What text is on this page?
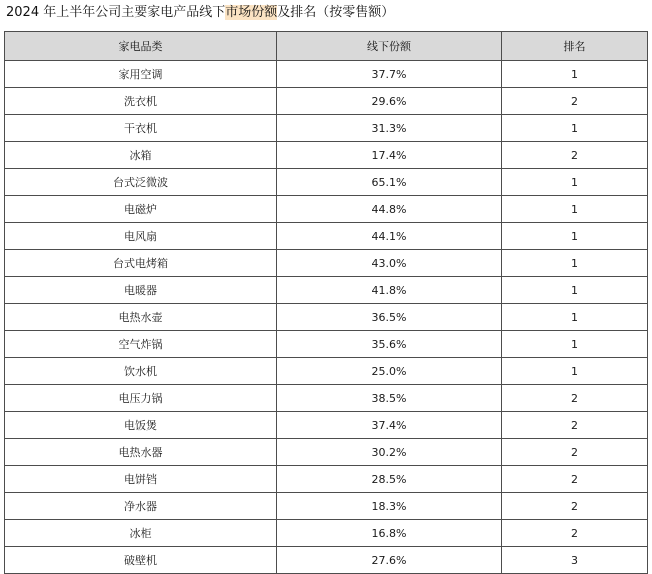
2024 年上半年公司主要家电产品线下市场份额及排名（按零售额）
家电品类	线下份额	排名
家用空调	37.7%	1
洗衣机	29.6%	2
干衣机	31.3%	1
冰箱	17.4%	2
台式泛微波	65.1%	1
电磁炉	44.8%	1
电风扇	44.1%	1
台式电烤箱	43.0%	1
电暖器	41.8%	1
电热水壶	36.5%	1
空气炸锅	35.6%	1
饮水机	25.0%	1
电压力锅	38.5%	2
电饭煲	37.4%	2
电热水器	30.2%	2
电饼铛	28.5%	2
净水器	18.3%	2
冰柜	16.8%	2
破壁机	27.6%	3
